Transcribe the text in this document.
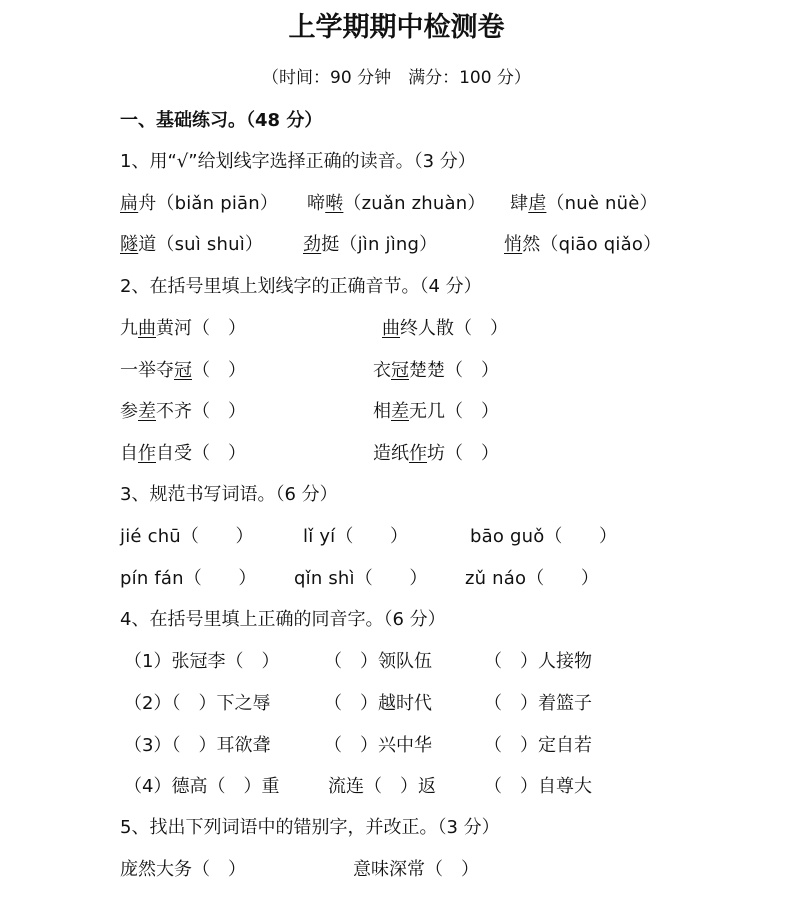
上学期期中检测卷
（时间：90 分钟　满分：100 分）
一、基础练习。（48 分）
1、用“√”给划线字选择正确的读音。（3 分）
扁舟（biǎn piān） 啼啭（zuǎn zhuàn） 肆虐（nuè nüè）
隧道（suì shuì） 劲挺（jìn jìng）	悄然（qiāo qiǎo）
2、在括号里填上划线字的正确音节。（4 分）
九曲黄河（　）	曲终人散（　）
一举夺冠（　）	衣冠楚楚（　）
参差不齐（　）	相差无几（　）
自作自受（　）	造纸作坊（　）
3、规范书写词语。（6 分）
jié chū（　　）	lǐ yí（　　）	bāo guǒ（　　）
pín fán（　　） qǐn shì（　　） zǔ náo（　　）
4、在括号里填上正确的同音字。（6 分）
（1）张冠李（　） （　）领队伍	（　）人接物
（2）（　）下之辱	（　）越时代	（　）着篮子
（3）（　）耳欲聋	（　）兴中华	（　）定自若
（4）德高（　）重	流连（　）返	（　）自尊大
5、找出下列词语中的错别字，并改正。（3 分）
庞然大务（　）	意味深常（　）
